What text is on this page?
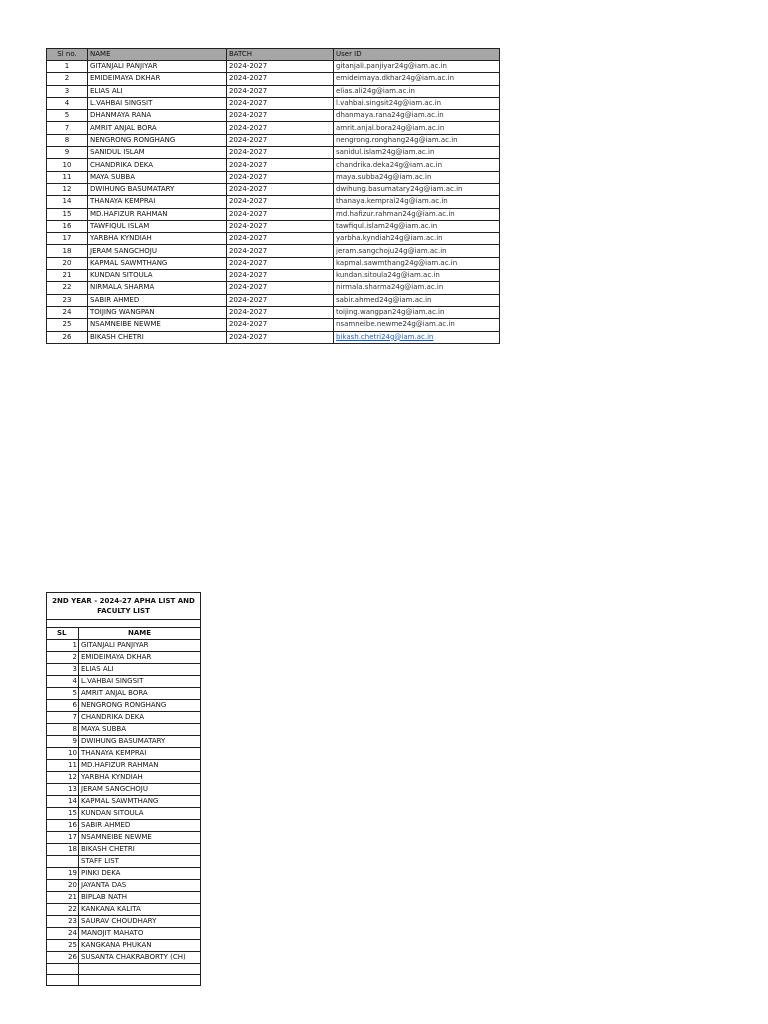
Sl no.	NAME	BATCH	User ID
1	GITANJALI PANJIYAR	2024-2027	gitanjali.panjiyar24g@iam.ac.in
2	EMIDEIMAYA DKHAR	2024-2027	emideimaya.dkhar24g@iam.ac.in
3	ELIAS ALI	2024-2027	elias.ali24g@iam.ac.in
4	L.VAHBAI SINGSIT	2024-2027	l.vahbai.singsit24g@iam.ac.in
5	DHANMAYA RANA	2024-2027	dhanmaya.rana24g@iam.ac.in
7	AMRIT ANJAL BORA	2024-2027	amrit.anjal.bora24g@iam.ac.in
8	NENGRONG RONGHANG	2024-2027	nengrong.ronghang24g@iam.ac.in
9	SANIDUL ISLAM	2024-2027	sanidul.islam24g@iam.ac.in
10	CHANDRIKA DEKA	2024-2027	chandrika.deka24g@iam.ac.in
11	MAYA SUBBA	2024-2027	maya.subba24g@iam.ac.in
12	DWIHUNG BASUMATARY	2024-2027	dwihung.basumatary24g@iam.ac.in
14	THANAYA KEMPRAI	2024-2027	thanaya.kemprai24g@iam.ac.in
15	MD.HAFIZUR RAHMAN	2024-2027	md.hafizur.rahman24g@iam.ac.in
16	TAWFIQUL ISLAM	2024-2027	tawfiqul.islam24g@iam.ac.in
17	YARBHA KYNDIAH	2024-2027	yarbha.kyndiah24g@iam.ac.in
18	JERAM SANGCHOJU	2024-2027	jeram.sangchoju24g@iam.ac.in
20	KAPMAL SAWMTHANG	2024-2027	kapmal.sawmthang24g@iam.ac.in
21	KUNDAN SITOULA	2024-2027	kundan.sitoula24g@iam.ac.in
22	NIRMALA SHARMA	2024-2027	nirmala.sharma24g@iam.ac.in
23	SABIR AHMED	2024-2027	sabir.ahmed24g@iam.ac.in
24	TOIJING WANGPAN	2024-2027	toijing.wangpan24g@iam.ac.in
25	NSAMNEIBE NEWME	2024-2027	nsamneibe.newme24g@iam.ac.in
26	BIKASH CHETRI	2024-2027	bikash.chetri24g@iam.ac.in
2ND YEAR - 2024-27 APHA LIST AND FACULTY LIST	

SL	NAME
1	GITANJALI PANJIYAR
2	EMIDEIMAYA DKHAR
3	ELIAS ALI
4	L.VAHBAI SINGSIT
5	AMRIT ANJAL BORA
6	NENGRONG RONGHANG
7	CHANDRIKA DEKA
8	MAYA SUBBA
9	DWIHUNG BASUMATARY
10	THANAYA KEMPRAI
11	MD.HAFIZUR RAHMAN
12	YARBHA KYNDIAH
13	JERAM SANGCHOJU
14	KAPMAL SAWMTHANG
15	KUNDAN SITOULA
16	SABIR AHMED
17	NSAMNEIBE NEWME
18	BIKASH CHETRI
	STAFF LIST
19	PINKI DEKA
20	JAYANTA DAS
21	BIPLAB NATH
22	KANKANA KALITA
23	SAURAV CHOUDHARY
24	MANOJIT MAHATO
25	KANGKANA PHUKAN
26	SUSANTA CHAKRABORTY (CH)
